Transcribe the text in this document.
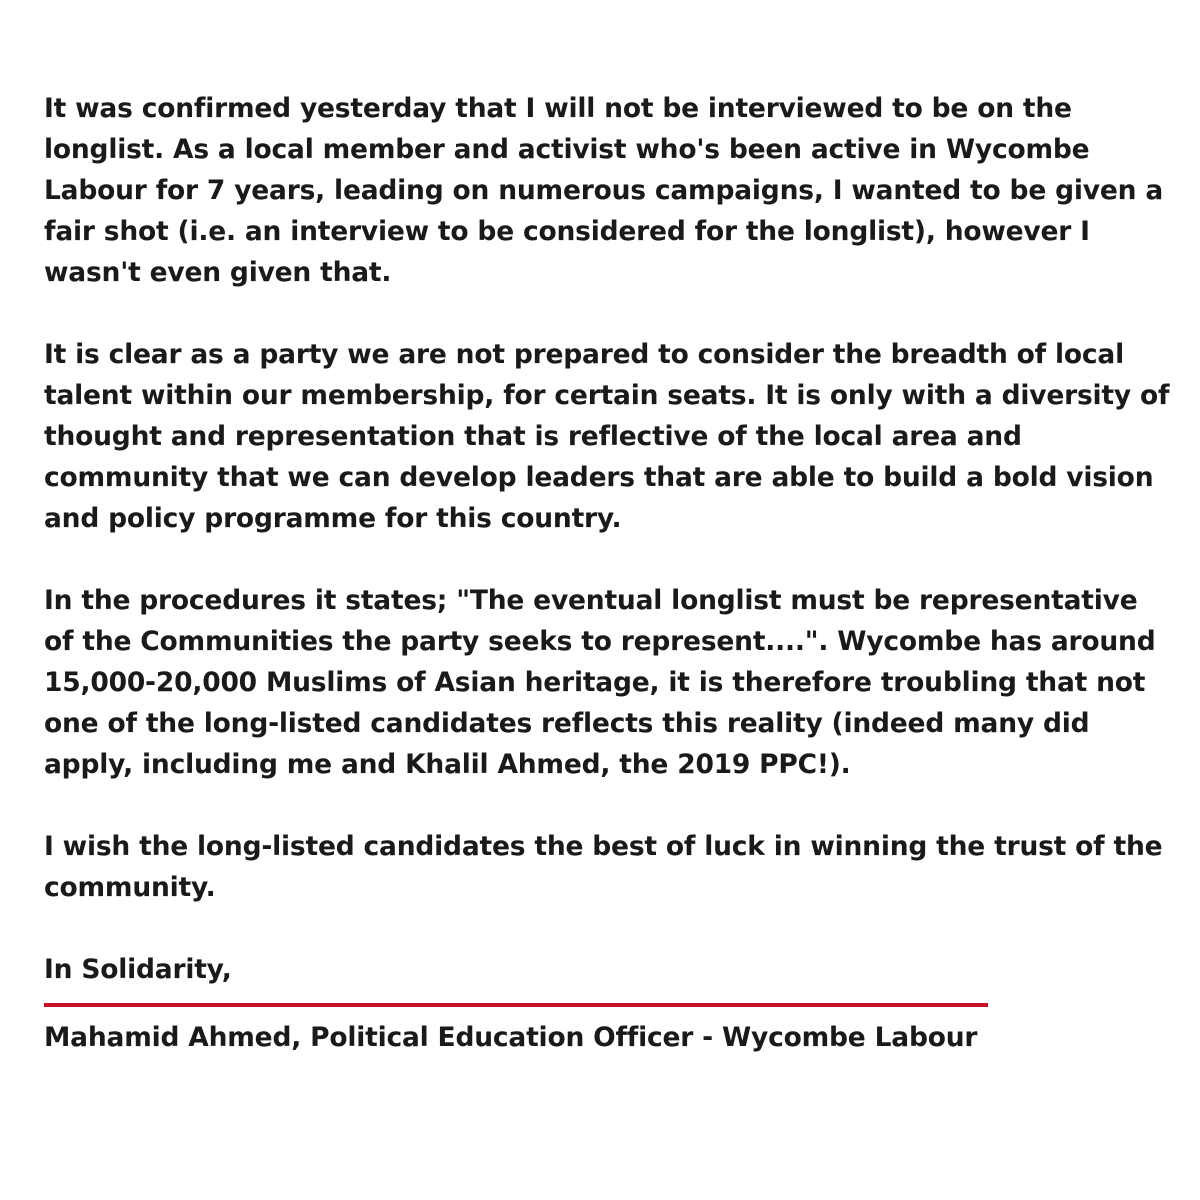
It was confirmed yesterday that I will not be interviewed to be on the longlist. As a local member and activist who's been active in Wycombe Labour for 7 years, leading on numerous campaigns, I wanted to be given a fair shot (i.e. an interview to be considered for the longlist), however I wasn't even given that.

It is clear as a party we are not prepared to consider the breadth of local talent within our membership, for certain seats. It is only with a diversity of thought and representation that is reflective of the local area and community that we can develop leaders that are able to build a bold vision and policy programme for this country.

In the procedures it states; "The eventual longlist must be representative of the Communities the party seeks to represent....". Wycombe has around 15,000-20,000 Muslims of Asian heritage, it is therefore troubling that not one of the long-listed candidates reflects this reality (indeed many did apply, including me and Khalil Ahmed, the 2019 PPC!).

I wish the long-listed candidates the best of luck in winning the trust of the community.

In Solidarity,

Mahamid Ahmed, Political Education Officer - Wycombe Labour
